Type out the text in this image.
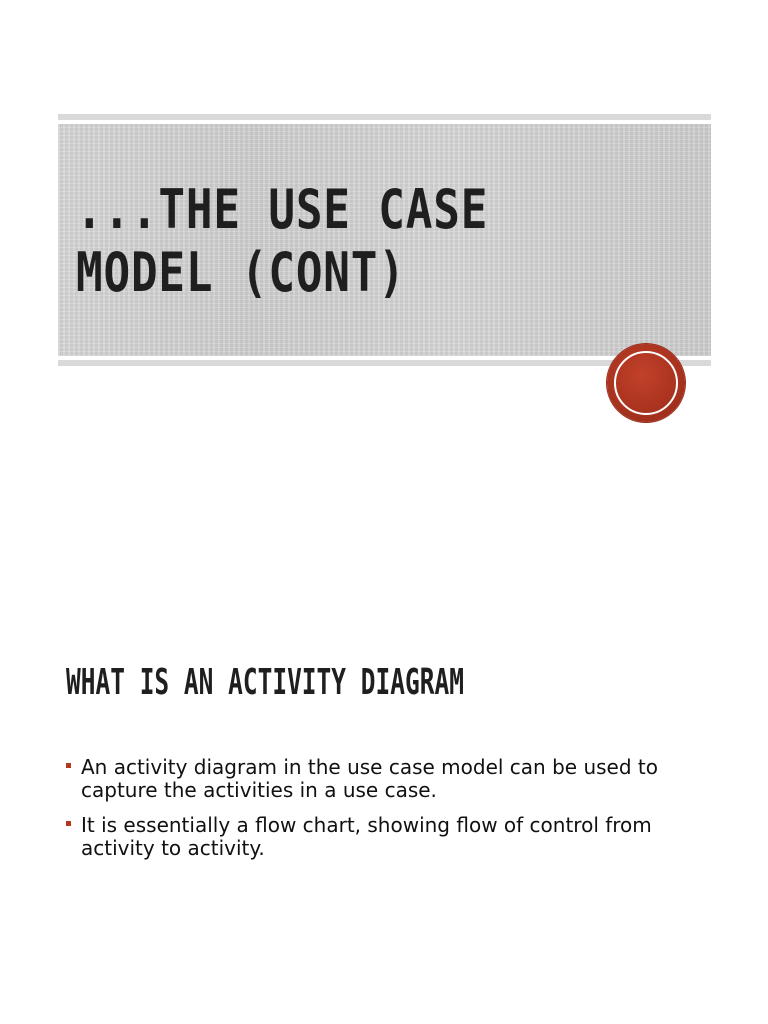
...THE USE CASE MODEL (CONT)
WHAT IS AN ACTIVITY DIAGRAM
An activity diagram in the use case model can be used to capture the activities in a use case.
It is essentially a flow chart, showing flow of control from activity to activity.
